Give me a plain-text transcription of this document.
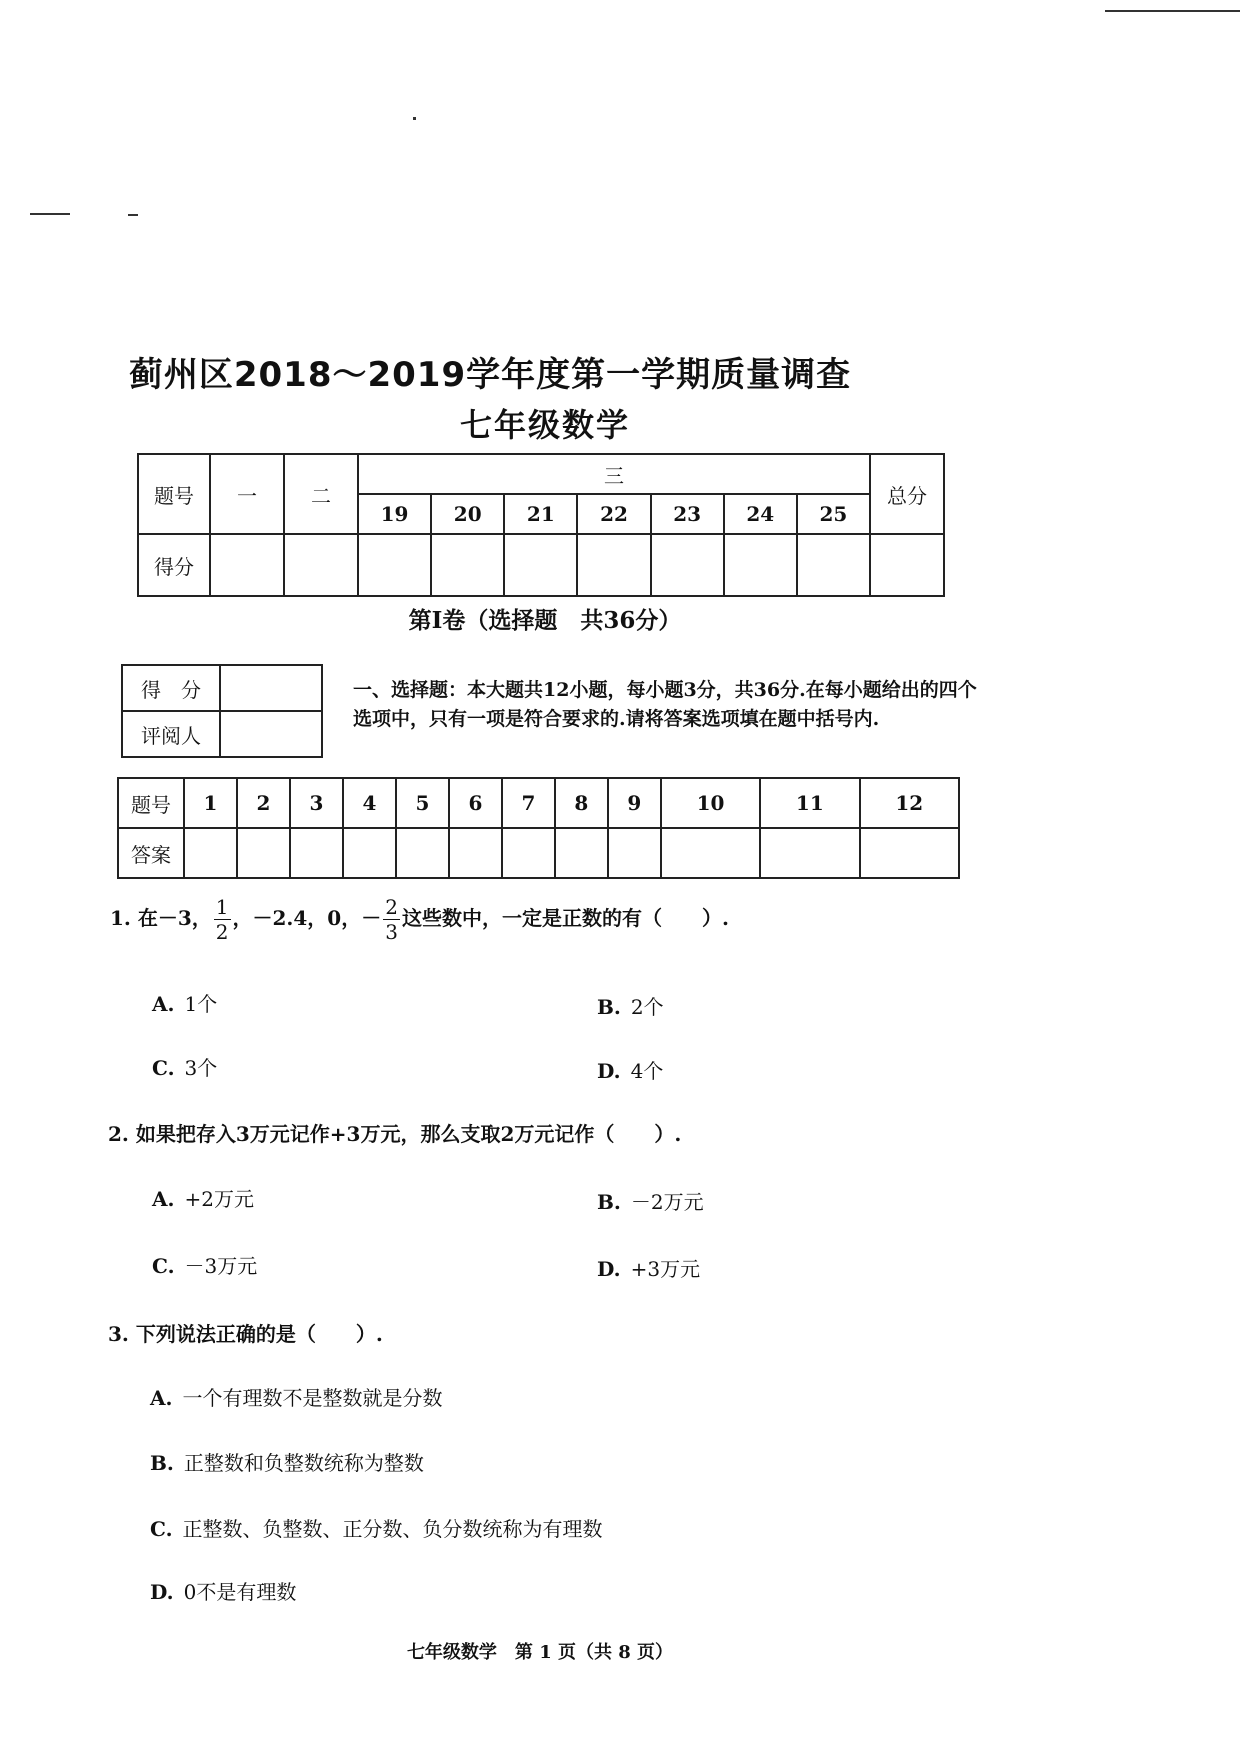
蓟州区2018～2019学年度第一学期质量调查
七年级数学
题号	一	二	三							总分
			19	20	21	22	23	24	25	
得分										
第Ⅰ卷（选择题　共36分）
得　分	
评阅人	
一、选择题：本大题共12小题，每小题3分，共36分.在每小题给出的四个选项中，只有一项是符合要求的.请将答案选项填在题中括号内.
题号	1	2	3	4	5	6	7	8	9	10	11	12
答案												
1. 在－3， $\frac{1}{2}$ ，－2.4，0，－ $\frac{2}{3}$ 这些数中，一定是正数的有（　　）.
A. 1个	B. 2个
C. 3个	D. 4个
2. 如果把存入3万元记作+3万元，那么支取2万元记作（　　）.
A. +2万元	B. －2万元
C. －3万元	D. +3万元
3. 下列说法正确的是（　　）.
A. 一个有理数不是整数就是分数
B. 正整数和负整数统称为整数
C. 正整数、负整数、正分数、负分数统称为有理数
D. 0不是有理数
七年级数学　第 1 页（共 8 页）
